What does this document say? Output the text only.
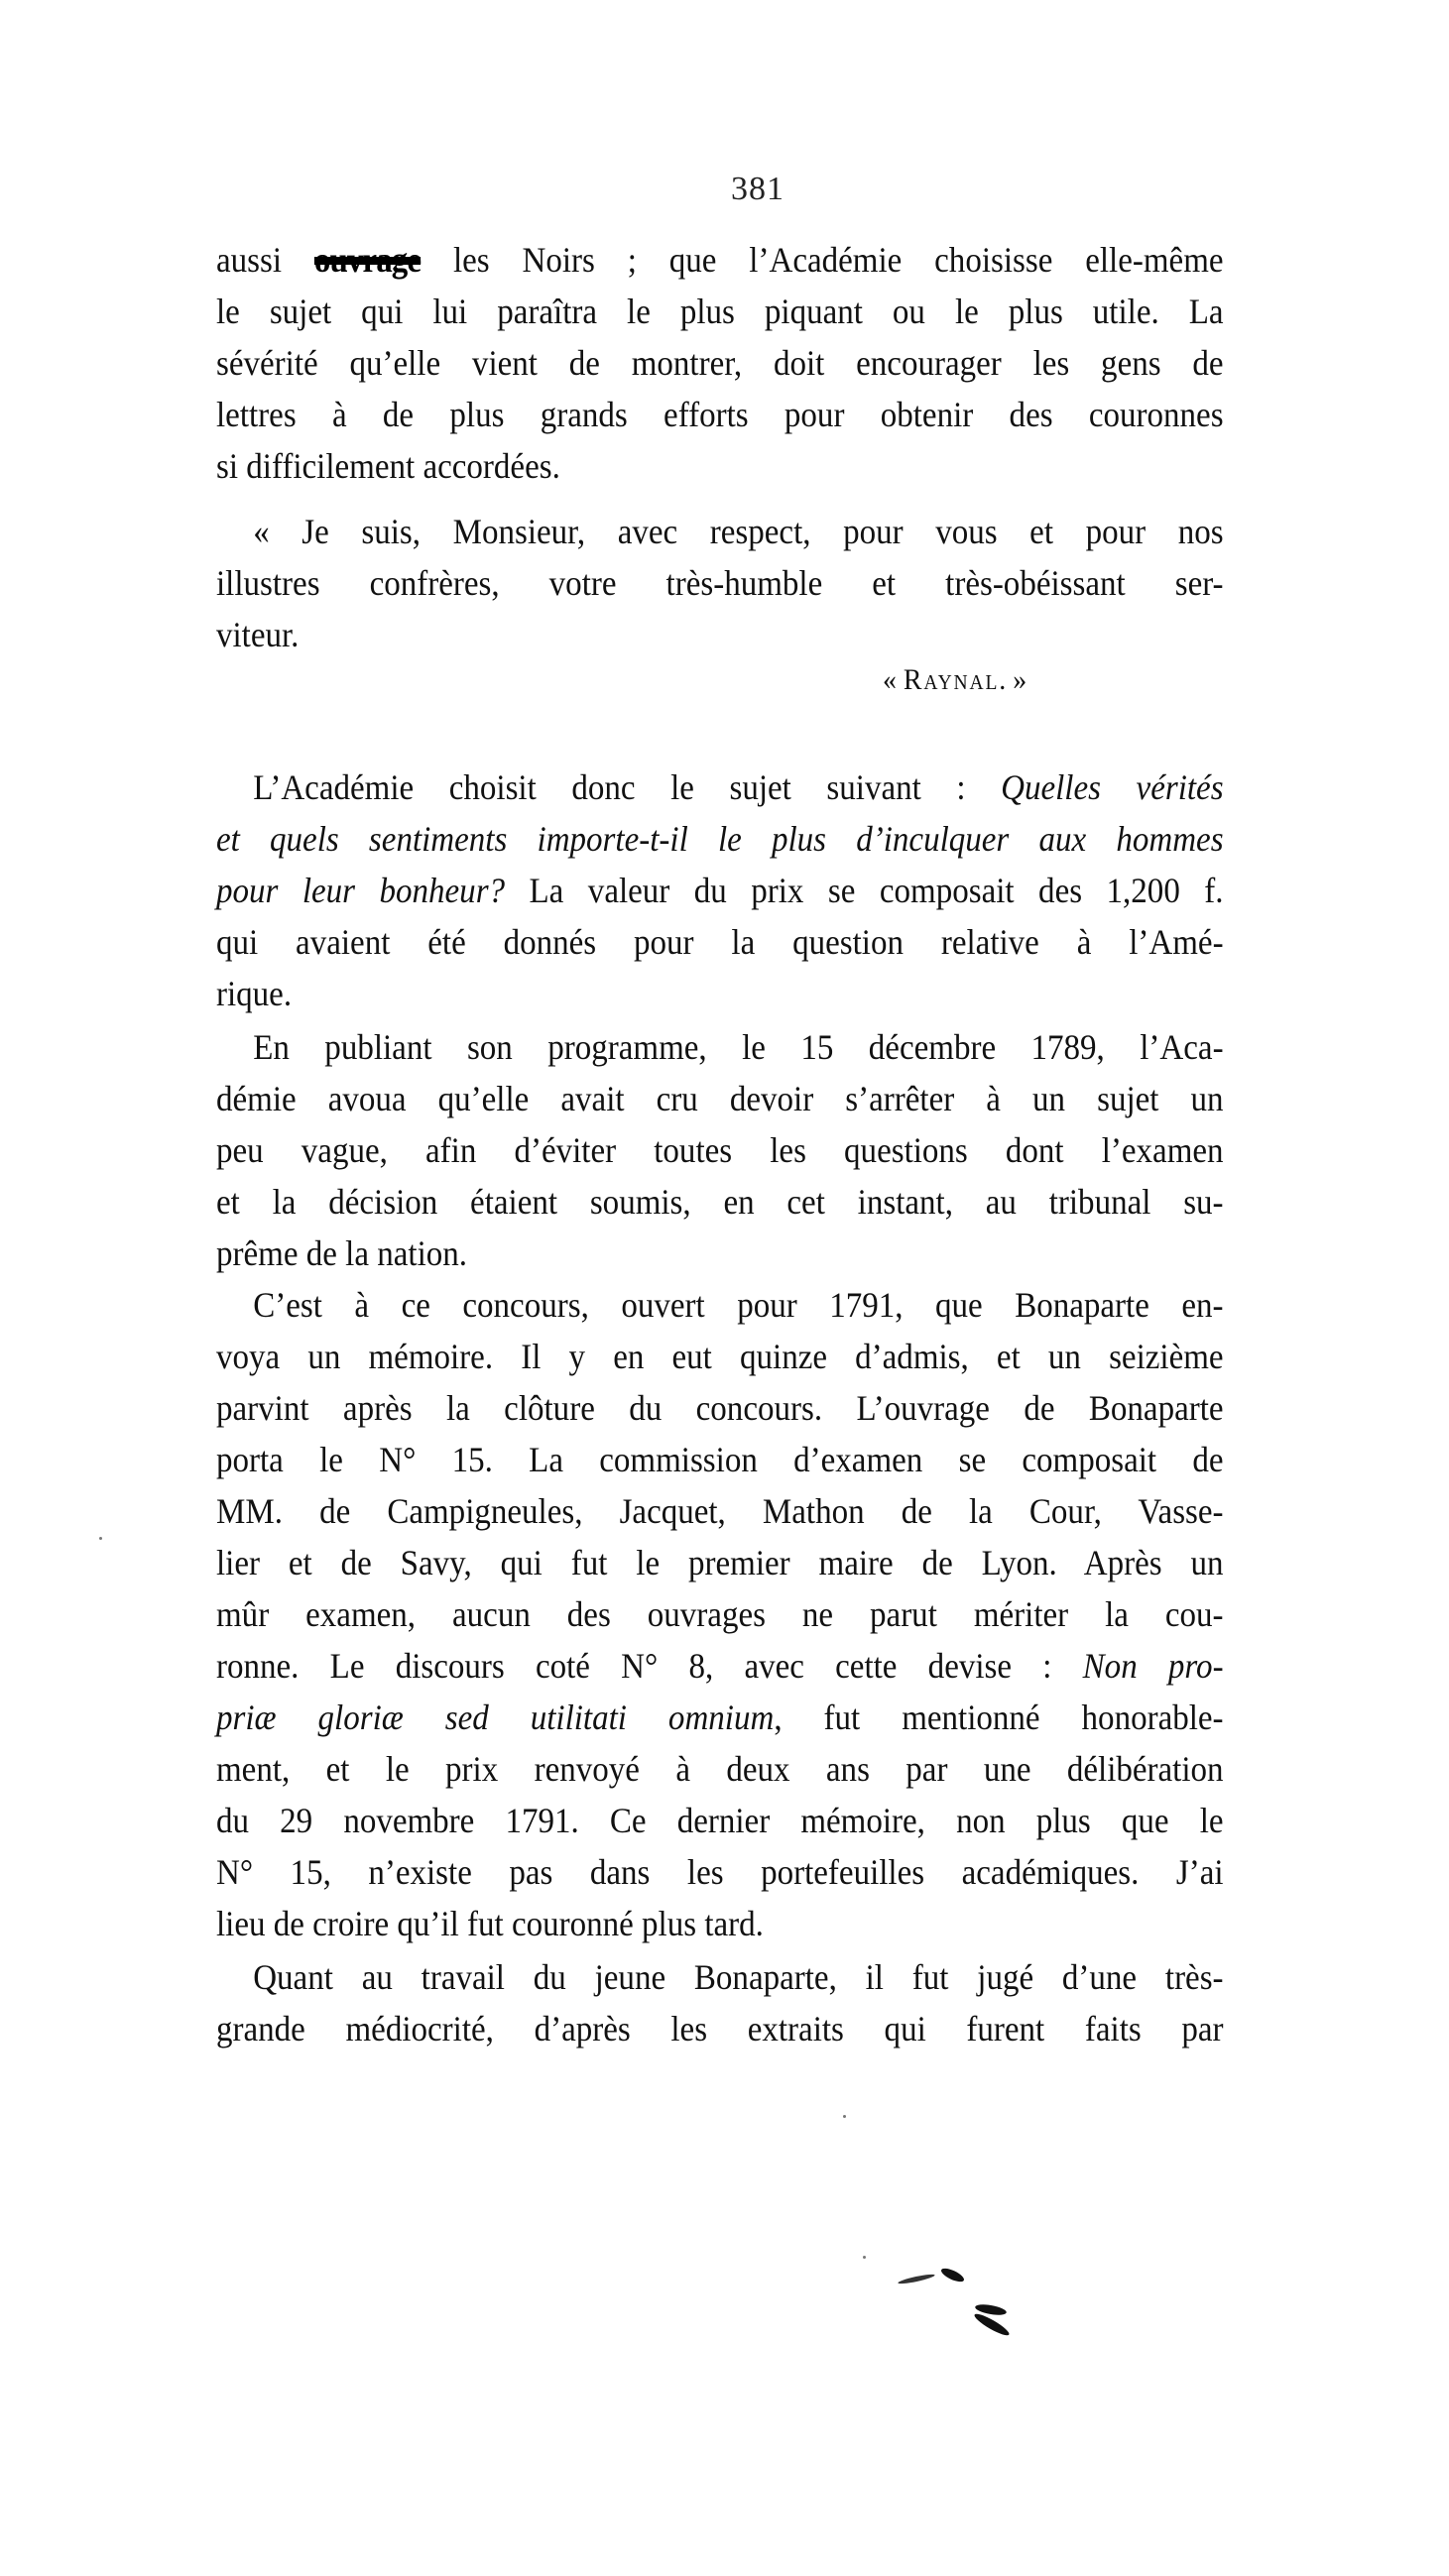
381
aussi ouvrage les Noirs ; que l’Académie choisisse elle-même
le sujet qui lui paraîtra le plus piquant ou le plus utile. La
sévérité qu’elle vient de montrer, doit encourager les gens de
lettres à de plus grands efforts pour obtenir des couronnes
si difficilement accordées.
« Je suis, Monsieur, avec respect, pour vous et pour nos
illustres confrères, votre très-humble et très-obéissant ser-
viteur.
« Raynal. »
L’Académie choisit donc le sujet suivant : Quelles vérités
et quels sentiments importe-t-il le plus d’inculquer aux hommes
pour leur bonheur? La valeur du prix se composait des 1,200 f.
qui avaient été donnés pour la question relative à l’Amé-
rique.
En publiant son programme, le 15 décembre 1789, l’Aca-
démie avoua qu’elle avait cru devoir s’arrêter à un sujet un
peu vague, afin d’éviter toutes les questions dont l’examen
et la décision étaient soumis, en cet instant, au tribunal su-
prême de la nation.
C’est à ce concours, ouvert pour 1791, que Bonaparte en-
voya un mémoire. Il y en eut quinze d’admis, et un seizième
parvint après la clôture du concours. L’ouvrage de Bonaparte
porta le N° 15. La commission d’examen se composait de
MM. de Campigneules, Jacquet, Mathon de la Cour, Vasse-
lier et de Savy, qui fut le premier maire de Lyon. Après un
mûr examen, aucun des ouvrages ne parut mériter la cou-
ronne. Le discours coté N° 8, avec cette devise : Non pro-
priæ gloriæ sed utilitati omnium, fut mentionné honorable-
ment, et le prix renvoyé à deux ans par une délibération
du 29 novembre 1791. Ce dernier mémoire, non plus que le
N° 15, n’existe pas dans les portefeuilles académiques. J’ai
lieu de croire qu’il fut couronné plus tard.
Quant au travail du jeune Bonaparte, il fut jugé d’une très-
grande médiocrité, d’après les extraits qui furent faits par
